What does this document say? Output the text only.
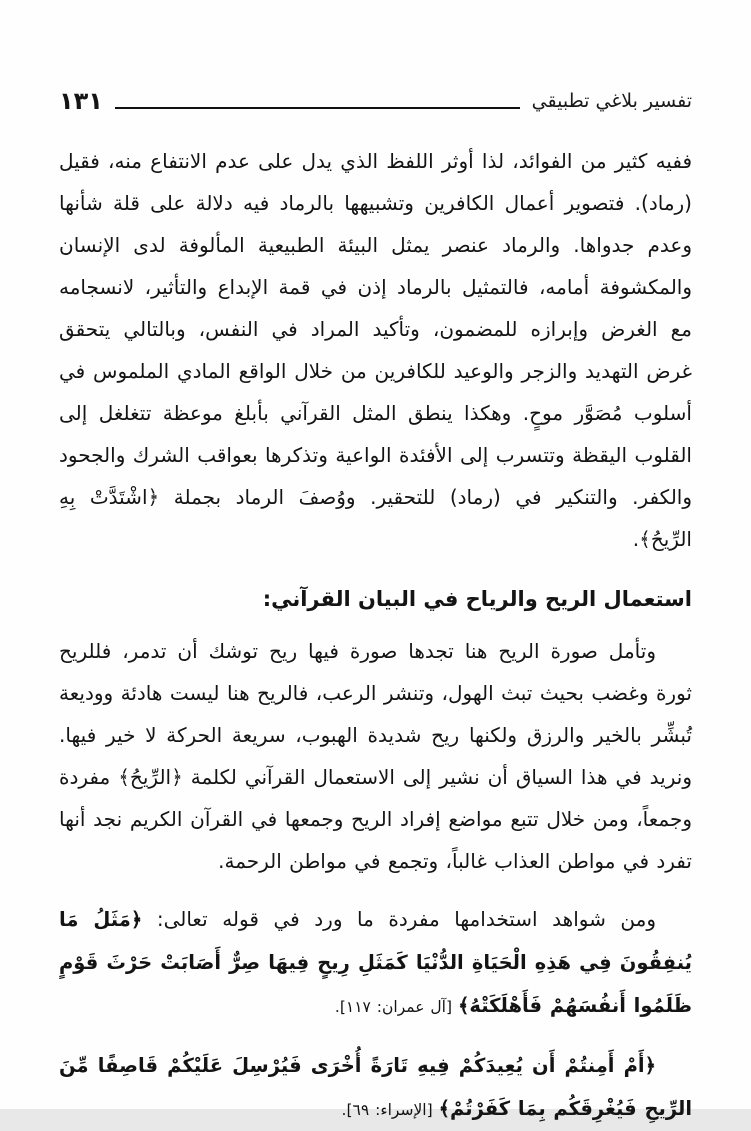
تفسير بلاغي تطبيقي
١٣١

ففيه كثير من الفوائد، لذا أوثر اللفظ الذي يدل على عدم الانتفاع منه، فقيل (رماد). فتصوير أعمال الكافرين وتشبيهها بالرماد فيه دلالة على قلة شأنها وعدم جدواها. والرماد عنصر يمثل البيئة الطبيعية المألوفة لدى الإنسان والمكشوفة أمامه، فالتمثيل بالرماد إذن في قمة الإبداع والتأثير، لانسجامه مع الغرض وإبرازه للمضمون، وتأكيد المراد في النفس، وبالتالي يتحقق غرض التهديد والزجر والوعيد للكافرين من خلال الواقع المادي الملموس في أسلوب مُصَوَّر موحٍ. وهكذا ينطق المثل القرآني بأبلغ موعظة تتغلغل إلى القلوب اليقظة وتتسرب إلى الأفئدة الواعية وتذكرها بعواقب الشرك والجحود والكفر. والتنكير في (رماد) للتحقير. ووُصفَ الرماد بجملة ﴿اشْتَدَّتْ بِهِ الرِّيحُ﴾.

استعمال الريح والرياح في البيان القرآني:

وتأمل صورة الريح هنا تجدها صورة فيها ريح توشك أن تدمر، فللريح ثورة وغضب بحيث تبث الهول، وتنشر الرعب، فالريح هنا ليست هادئة ووديعة تُبشِّر بالخير والرزق ولكنها ريح شديدة الهبوب، سريعة الحركة لا خير فيها. ونريد في هذا السياق أن نشير إلى الاستعمال القرآني لكلمة ﴿الرِّيحُ﴾ مفردة وجمعاً، ومن خلال تتبع مواضع إفراد الريح وجمعها في القرآن الكريم نجد أنها تفرد في مواطن العذاب غالباً، وتجمع في مواطن الرحمة.

ومن شواهد استخدامها مفردة ما ورد في قوله تعالى: ﴿مَثَلُ مَا يُنفِقُونَ فِي هَذِهِ الْحَيَاةِ الدُّنْيَا كَمَثَلِ رِيحٍ فِيهَا صِرٌّ أَصَابَتْ حَرْثَ قَوْمٍ ظَلَمُوا أَنفُسَهُمْ فَأَهْلَكَتْهُ﴾ [آل عمران: ١١٧].

﴿أَمْ أَمِنتُمْ أَن يُعِيدَكُمْ فِيهِ تَارَةً أُخْرَى فَيُرْسِلَ عَلَيْكُمْ قَاصِفًا مِّنَ الرِّيحِ فَيُغْرِقَكُم بِمَا كَفَرْتُمْ﴾ [الإسراء: ٦٩].
